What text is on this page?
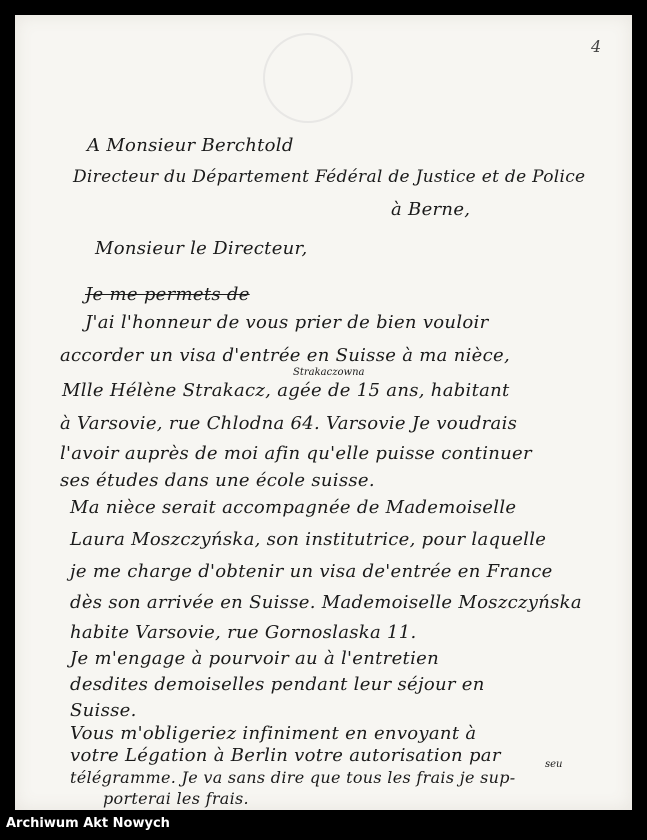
4
A Monsieur Berchtold
Directeur du Département Fédéral de Justice et de Police
à Berne,
Monsieur le Directeur,
Je me permets de
J'ai l'honneur de vous prier de bien vouloir
accorder un visa d'entrée en Suisse à ma nièce,
Strakaczowna
Mlle Hélène Strakacz, agée de 15 ans, habitant
à Varsovie, rue Chlodna 64. Varsovie Je voudrais
l'avoir auprès de moi afin qu'elle puisse continuer
ses études dans une école suisse.
Ma nièce serait accompagnée de Mademoiselle
Laura Moszczyńska, son institutrice, pour laquelle
je me charge d'obtenir un visa de'entrée en France
dès son arrivée en Suisse. Mademoiselle Moszczyńska
habite Varsovie, rue Gornoslaska 11.
Je m'engage à pourvoir au à l'entretien
desdites demoiselles pendant leur séjour en
Suisse.
Vous m'obligeriez infiniment en envoyant à
votre Légation à Berlin votre autorisation par	seu
télégramme. Je va sans dire que tous les frais je sup-
porterai les frais.
Archiwum Akt Nowych
